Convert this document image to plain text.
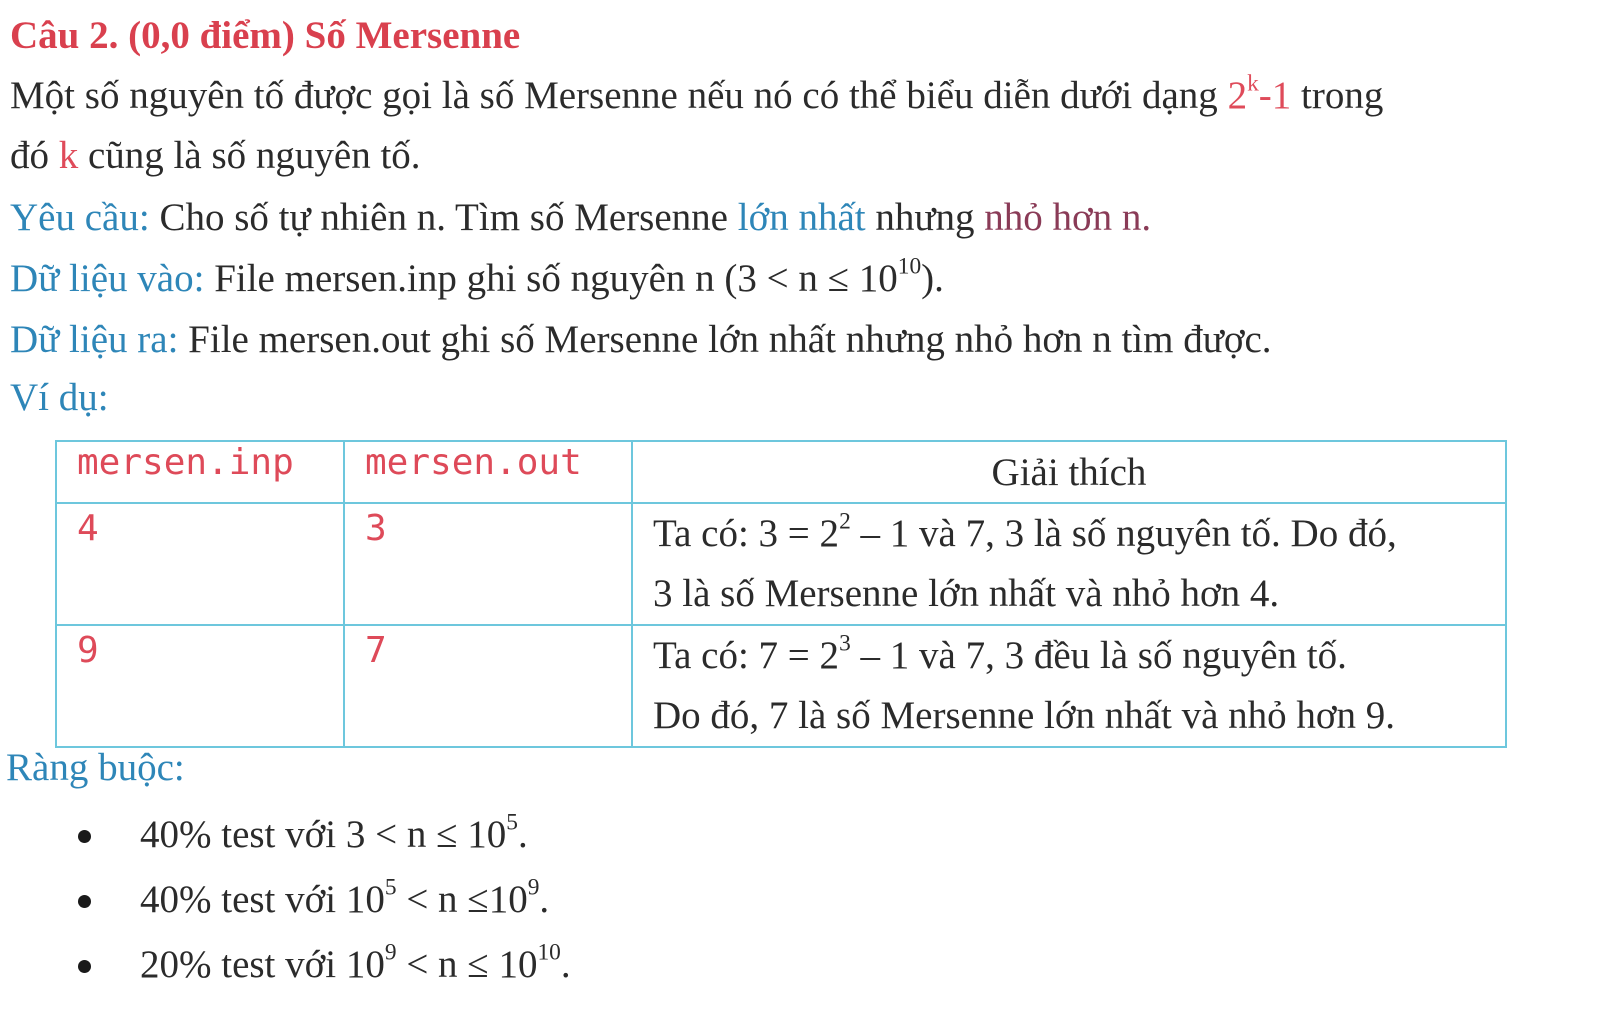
Câu 2. (0,0 điểm) Số Mersenne
Một số nguyên tố được gọi là số Mersenne nếu nó có thể biểu diễn dưới dạng 2$^k$-1 trong
đó k cũng là số nguyên tố.
Yêu cầu: Cho số tự nhiên n. Tìm số Mersenne lớn nhất nhưng nhỏ hơn n.
Dữ liệu vào: File mersen.inp ghi số nguyên n $(3 < n \le 10^{10})$.
Dữ liệu ra: File mersen.out ghi số Mersenne lớn nhất nhưng nhỏ hơn n tìm được.
Ví dụ:
mersen.inp	mersen.out	Giải thích
4	3	Ta có: $3 = 2^2 - 1$ và 7, 3 là số nguyên tố. Do đó,

3 là số Mersenne lớn nhất và nhỏ hơn 4.

9	7	Ta có: $7 = 2^3 - 1$ và 7, 3 đều là số nguyên tố.

Do đó, 7 là số Mersenne lớn nhất và nhỏ hơn 9.

Ràng buộc:
40% test với $3 < n \le 10^5$.
40% test với $10^5 < n \le 10^9$.
20% test với $10^9 < n \le 10^{10}$.
